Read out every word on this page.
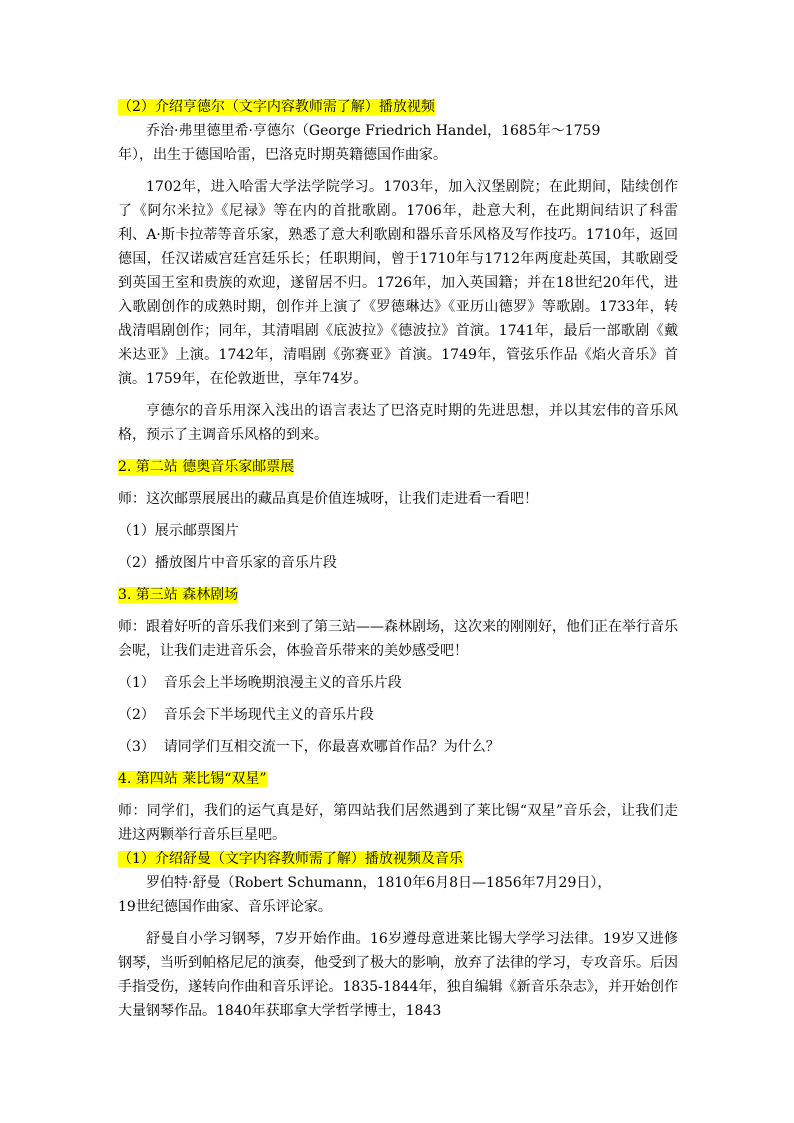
（2）介绍亨德尔（文字内容教师需了解）播放视频

乔治·弗里德里希·亨德尔（George Friedrich Handel，1685年～1759

年），出生于德国哈雷，巴洛克时期英籍德国作曲家。

1702年，进入哈雷大学法学院学习。1703年，加入汉堡剧院；在此期间，陆续创作了《阿尔米拉》《尼禄》等在内的首批歌剧。1706年，赴意大利，在此期间结识了科雷利、A·斯卡拉蒂等音乐家，熟悉了意大利歌剧和器乐音乐风格及写作技巧。1710年，返回德国，任汉诺威宫廷宫廷乐长；任职期间，曾于1710年与1712年两度赴英国，其歌剧受到英国王室和贵族的欢迎，遂留居不归。1726年，加入英国籍；并在18世纪20年代，进入歌剧创作的成熟时期，创作并上演了《罗德琳达》《亚历山德罗》等歌剧。1733年，转战清唱剧创作；同年，其清唱剧《底波拉》《德波拉》首演。1741年，最后一部歌剧《戴米达亚》上演。1742年，清唱剧《弥赛亚》首演。1749年，管弦乐作品《焰火音乐》首演。1759年，在伦敦逝世，享年74岁。

亨德尔的音乐用深入浅出的语言表达了巴洛克时期的先进思想，并以其宏伟的音乐风格，预示了主调音乐风格的到来。

2. 第二站 德奥音乐家邮票展

师：这次邮票展展出的藏品真是价值连城呀，让我们走进看一看吧！

（1）展示邮票图片

（2）播放图片中音乐家的音乐片段

3. 第三站 森林剧场

师：跟着好听的音乐我们来到了第三站——森林剧场，这次来的刚刚好，他们正在举行音乐会呢，让我们走进音乐会，体验音乐带来的美妙感受吧！

（1）  音乐会上半场晚期浪漫主义的音乐片段

（2）  音乐会下半场现代主义的音乐片段

（3）  请同学们互相交流一下，你最喜欢哪首作品？为什么？

4. 第四站 莱比锡“双星”

师：同学们，我们的运气真是好，第四站我们居然遇到了莱比锡“双星”音乐会，让我们走进这两颗举行音乐巨星吧。

（1）介绍舒曼（文字内容教师需了解）播放视频及音乐

罗伯特·舒曼（Robert Schumann，1810年6月8日—1856年7月29日），

19世纪德国作曲家、音乐评论家。

舒曼自小学习钢琴，7岁开始作曲。16岁遵母意进莱比锡大学学习法律。19岁又进修钢琴，当听到帕格尼尼的演奏，他受到了极大的影响，放弃了法律的学习，专攻音乐。后因手指受伤，遂转向作曲和音乐评论。1835-1844年，独自编辑《新音乐杂志》，并开始创作大量钢琴作品。1840年获耶拿大学哲学博士，1843
